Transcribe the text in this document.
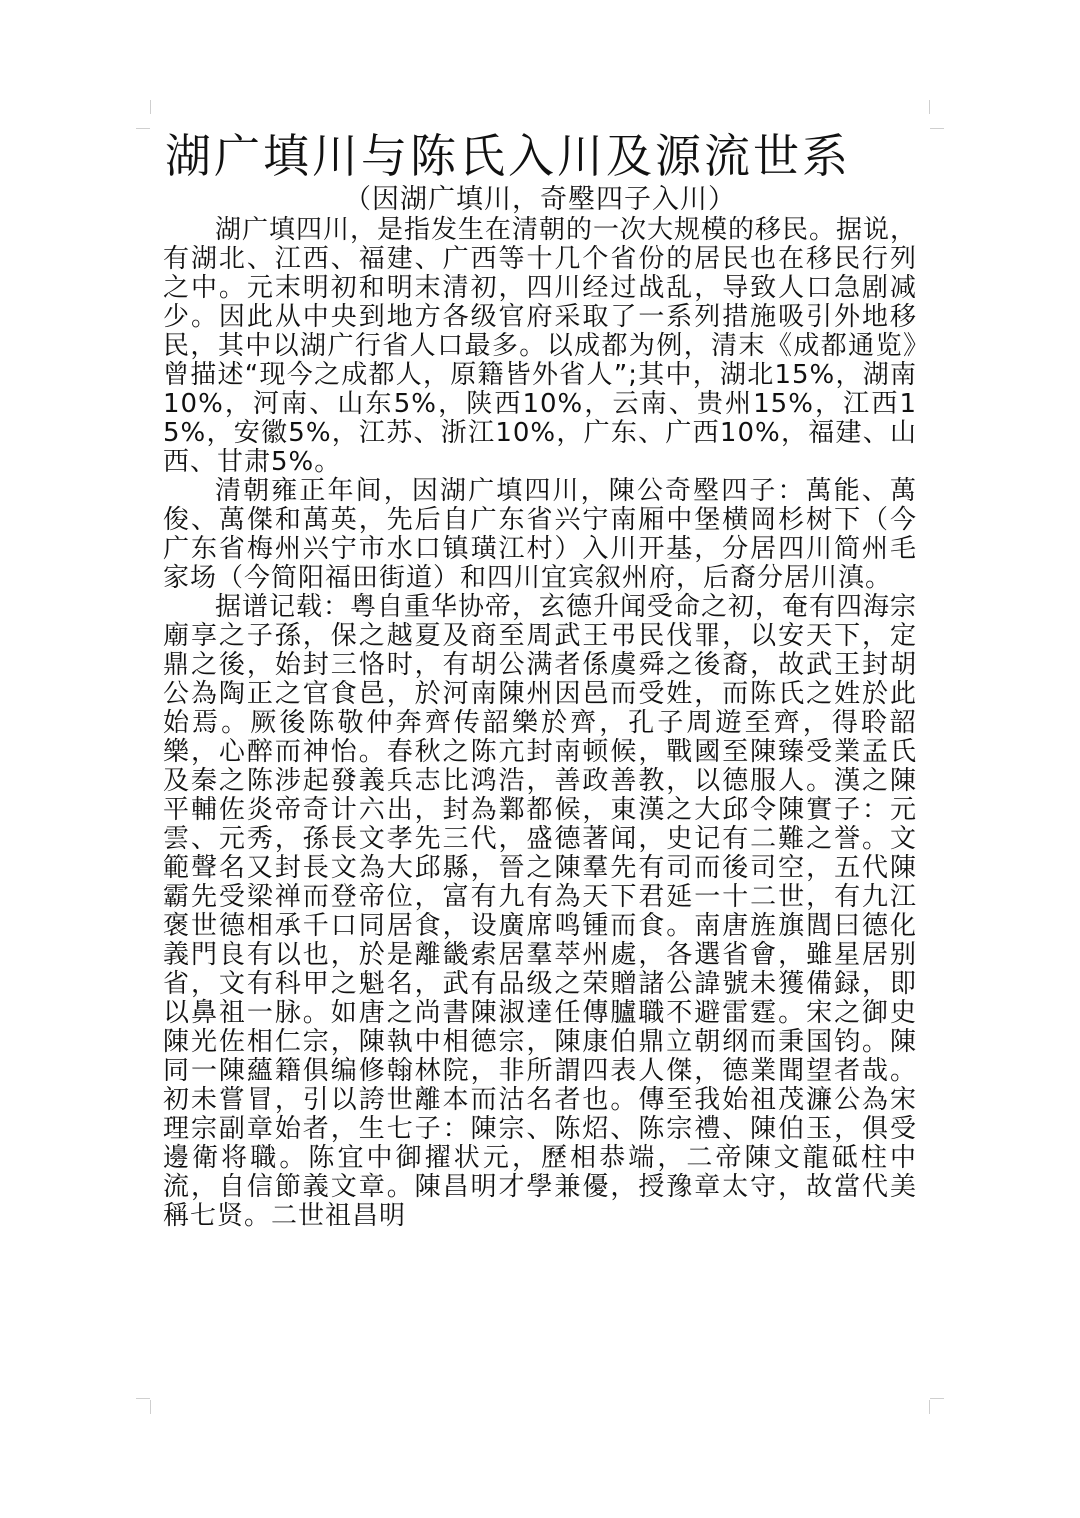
湖广填川与陈氏入川及源流世系
（因湖广填川，奇壂四子入川）

湖广填四川，是指发生在清朝的一次大规模的移民。据说，有湖北、江西、福建、广西等十几个省份的居民也在移民行列之中。元末明初和明末清初，四川经过战乱，导致人口急剧减少。因此从中央到地方各级官府采取了一系列措施吸引外地移民，其中以湖广行省人口最多。以成都为例，清末《成都通览》曾描述“现今之成都人，原籍皆外省人”;其中，湖北15%，湖南10%，河南、山东5%，陕西10%，云南、贵州15%，江西15%，安徽5%，江苏、浙江10%，广东、广西10%，福建、山西、甘肃5%。

清朝雍正年间，因湖广填四川，陳公奇壂四子：萬能、萬俊、萬傑和萬英，先后自广东省兴宁南厢中堡横岡杉树下（今广东省梅州兴宁市水口镇璜江村）入川开基，分居四川简州毛家场（今简阳福田街道）和四川宜宾叙州府，后裔分居川滇。

据谱记载：粤自重华协帝，玄德升闻受命之初，奄有四海宗廟享之子孫，保之越夏及商至周武王弔民伐罪，以安天下，定鼎之後，始封三恪时，有胡公满者係虞舜之後裔，故武王封胡公為陶正之官食邑，於河南陳州因邑而受姓，而陈氏之姓於此始焉。厥後陈敬仲奔齊传韶樂於齊，孔子周遊至齊，得聆韶樂，心醉而神怡。春秋之陈亢封南顿候，戰國至陳臻受業孟氏及秦之陈涉起發義兵志比鸿浩，善政善教，以德服人。漢之陳平輔佐炎帝奇计六出，封為鄴都候，東漢之大邱令陳實子：元雲、元秀，孫長文孝先三代，盛德著闻，史记有二難之誉。文範聲名又封長文為大邱縣，晉之陳羣先有司而後司空，五代陳霸先受梁禅而登帝位，富有九有為天下君延一十二世，有九江褒世德相承千口同居食，设廣席鸣锺而食。南唐旌旗閭曰德化義門良有以也，於是離畿索居羣萃州處，各選省會，雖星居别省，文有科甲之魁名，武有品级之荣贈諸公諱號未獲備録，即以鼻祖一脉。如唐之尚書陳淑達任傳臚職不避雷霆。宋之御史陳光佐相仁宗，陳執中相德宗，陳康伯鼎立朝纲而秉国钧。陳同一陳蘊籍俱编修翰林院，非所謂四表人傑，德業聞望者哉。初未嘗冒，引以誇世離本而沽名者也。傳至我始祖茂濂公為宋理宗副章始者，生七子：陳宗、陈炤、陈宗禮、陳伯玉，俱受邊衛将職。陈宜中御擢状元，歷相恭端，二帝陳文龍砥柱中流，自信節義文章。陳昌明才學兼優，授豫章太守，故當代美稱七贤。二世祖昌明
